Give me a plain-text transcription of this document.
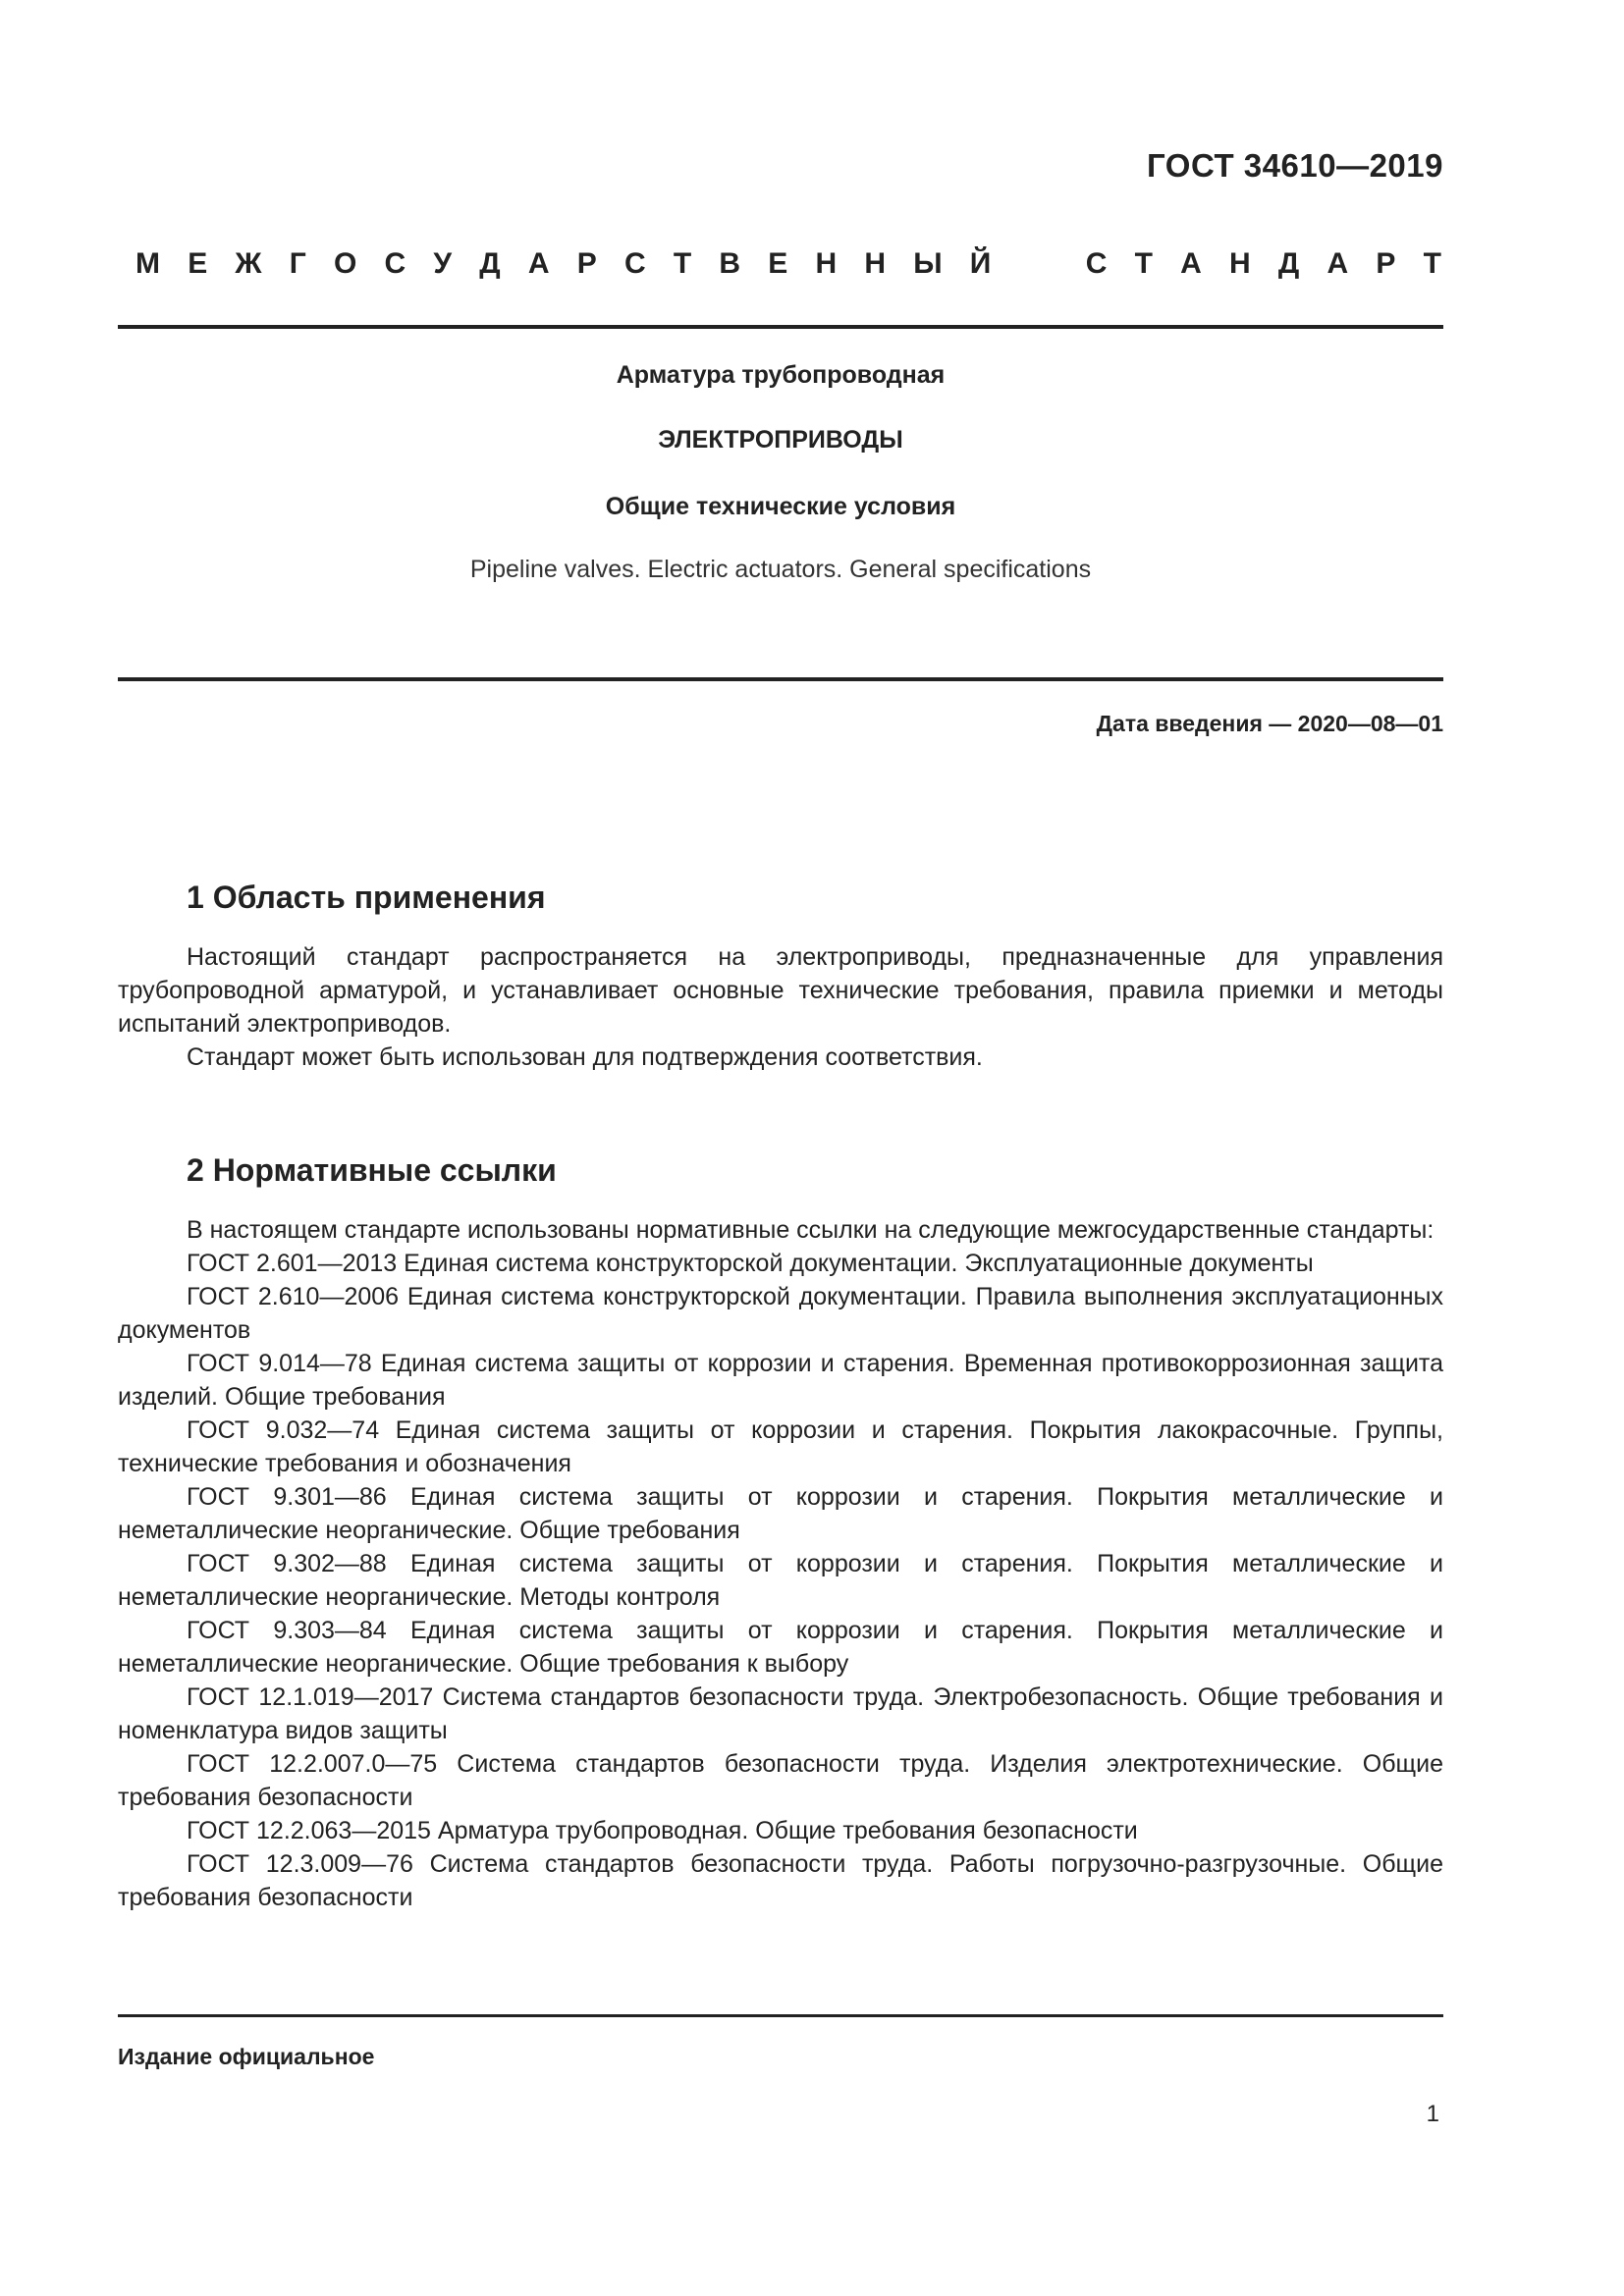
ГОСТ 34610—2019
М Е Ж Г О С У Д А Р С Т В Е Н Н Ы Й	С Т А Н Д А Р Т
Арматура трубопроводная
ЭЛЕКТРОПРИВОДЫ
Общие технические условия
Pipeline valves. Electric actuators. General specifications
Дата введения — 2020—08—01
1 Область применения

Настоящий стандарт распространяется на электроприводы, предназначенные для управления трубопроводной арматурой, и устанавливает основные технические требования, правила приемки и методы испытаний электроприводов.

Стандарт может быть использован для подтверждения соответствия.

2 Нормативные ссылки

В настоящем стандарте использованы нормативные ссылки на следующие межгосударственные стандарты:

ГОСТ 2.601—2013 Единая система конструкторской документации. Эксплуатационные документы

ГОСТ 2.610—2006 Единая система конструкторской документации. Правила выполнения эксплуатационных документов

ГОСТ 9.014—78 Единая система защиты от коррозии и старения. Временная противокоррозионная защита изделий. Общие требования

ГОСТ 9.032—74 Единая система защиты от коррозии и старения. Покрытия лакокрасочные. Группы, технические требования и обозначения

ГОСТ 9.301—86 Единая система защиты от коррозии и старения. Покрытия металлические и неметаллические неорганические. Общие требования

ГОСТ 9.302—88 Единая система защиты от коррозии и старения. Покрытия металлические и неметаллические неорганические. Методы контроля

ГОСТ 9.303—84 Единая система защиты от коррозии и старения. Покрытия металлические и неметаллические неорганические. Общие требования к выбору

ГОСТ 12.1.019—2017 Система стандартов безопасности труда. Электробезопасность. Общие требования и номенклатура видов защиты

ГОСТ 12.2.007.0—75 Система стандартов безопасности труда. Изделия электротехнические. Общие требования безопасности

ГОСТ 12.2.063—2015 Арматура трубопроводная. Общие требования безопасности

ГОСТ 12.3.009—76 Система стандартов безопасности труда. Работы погрузочно-разгрузочные. Общие требования безопасности

Издание официальное
1
